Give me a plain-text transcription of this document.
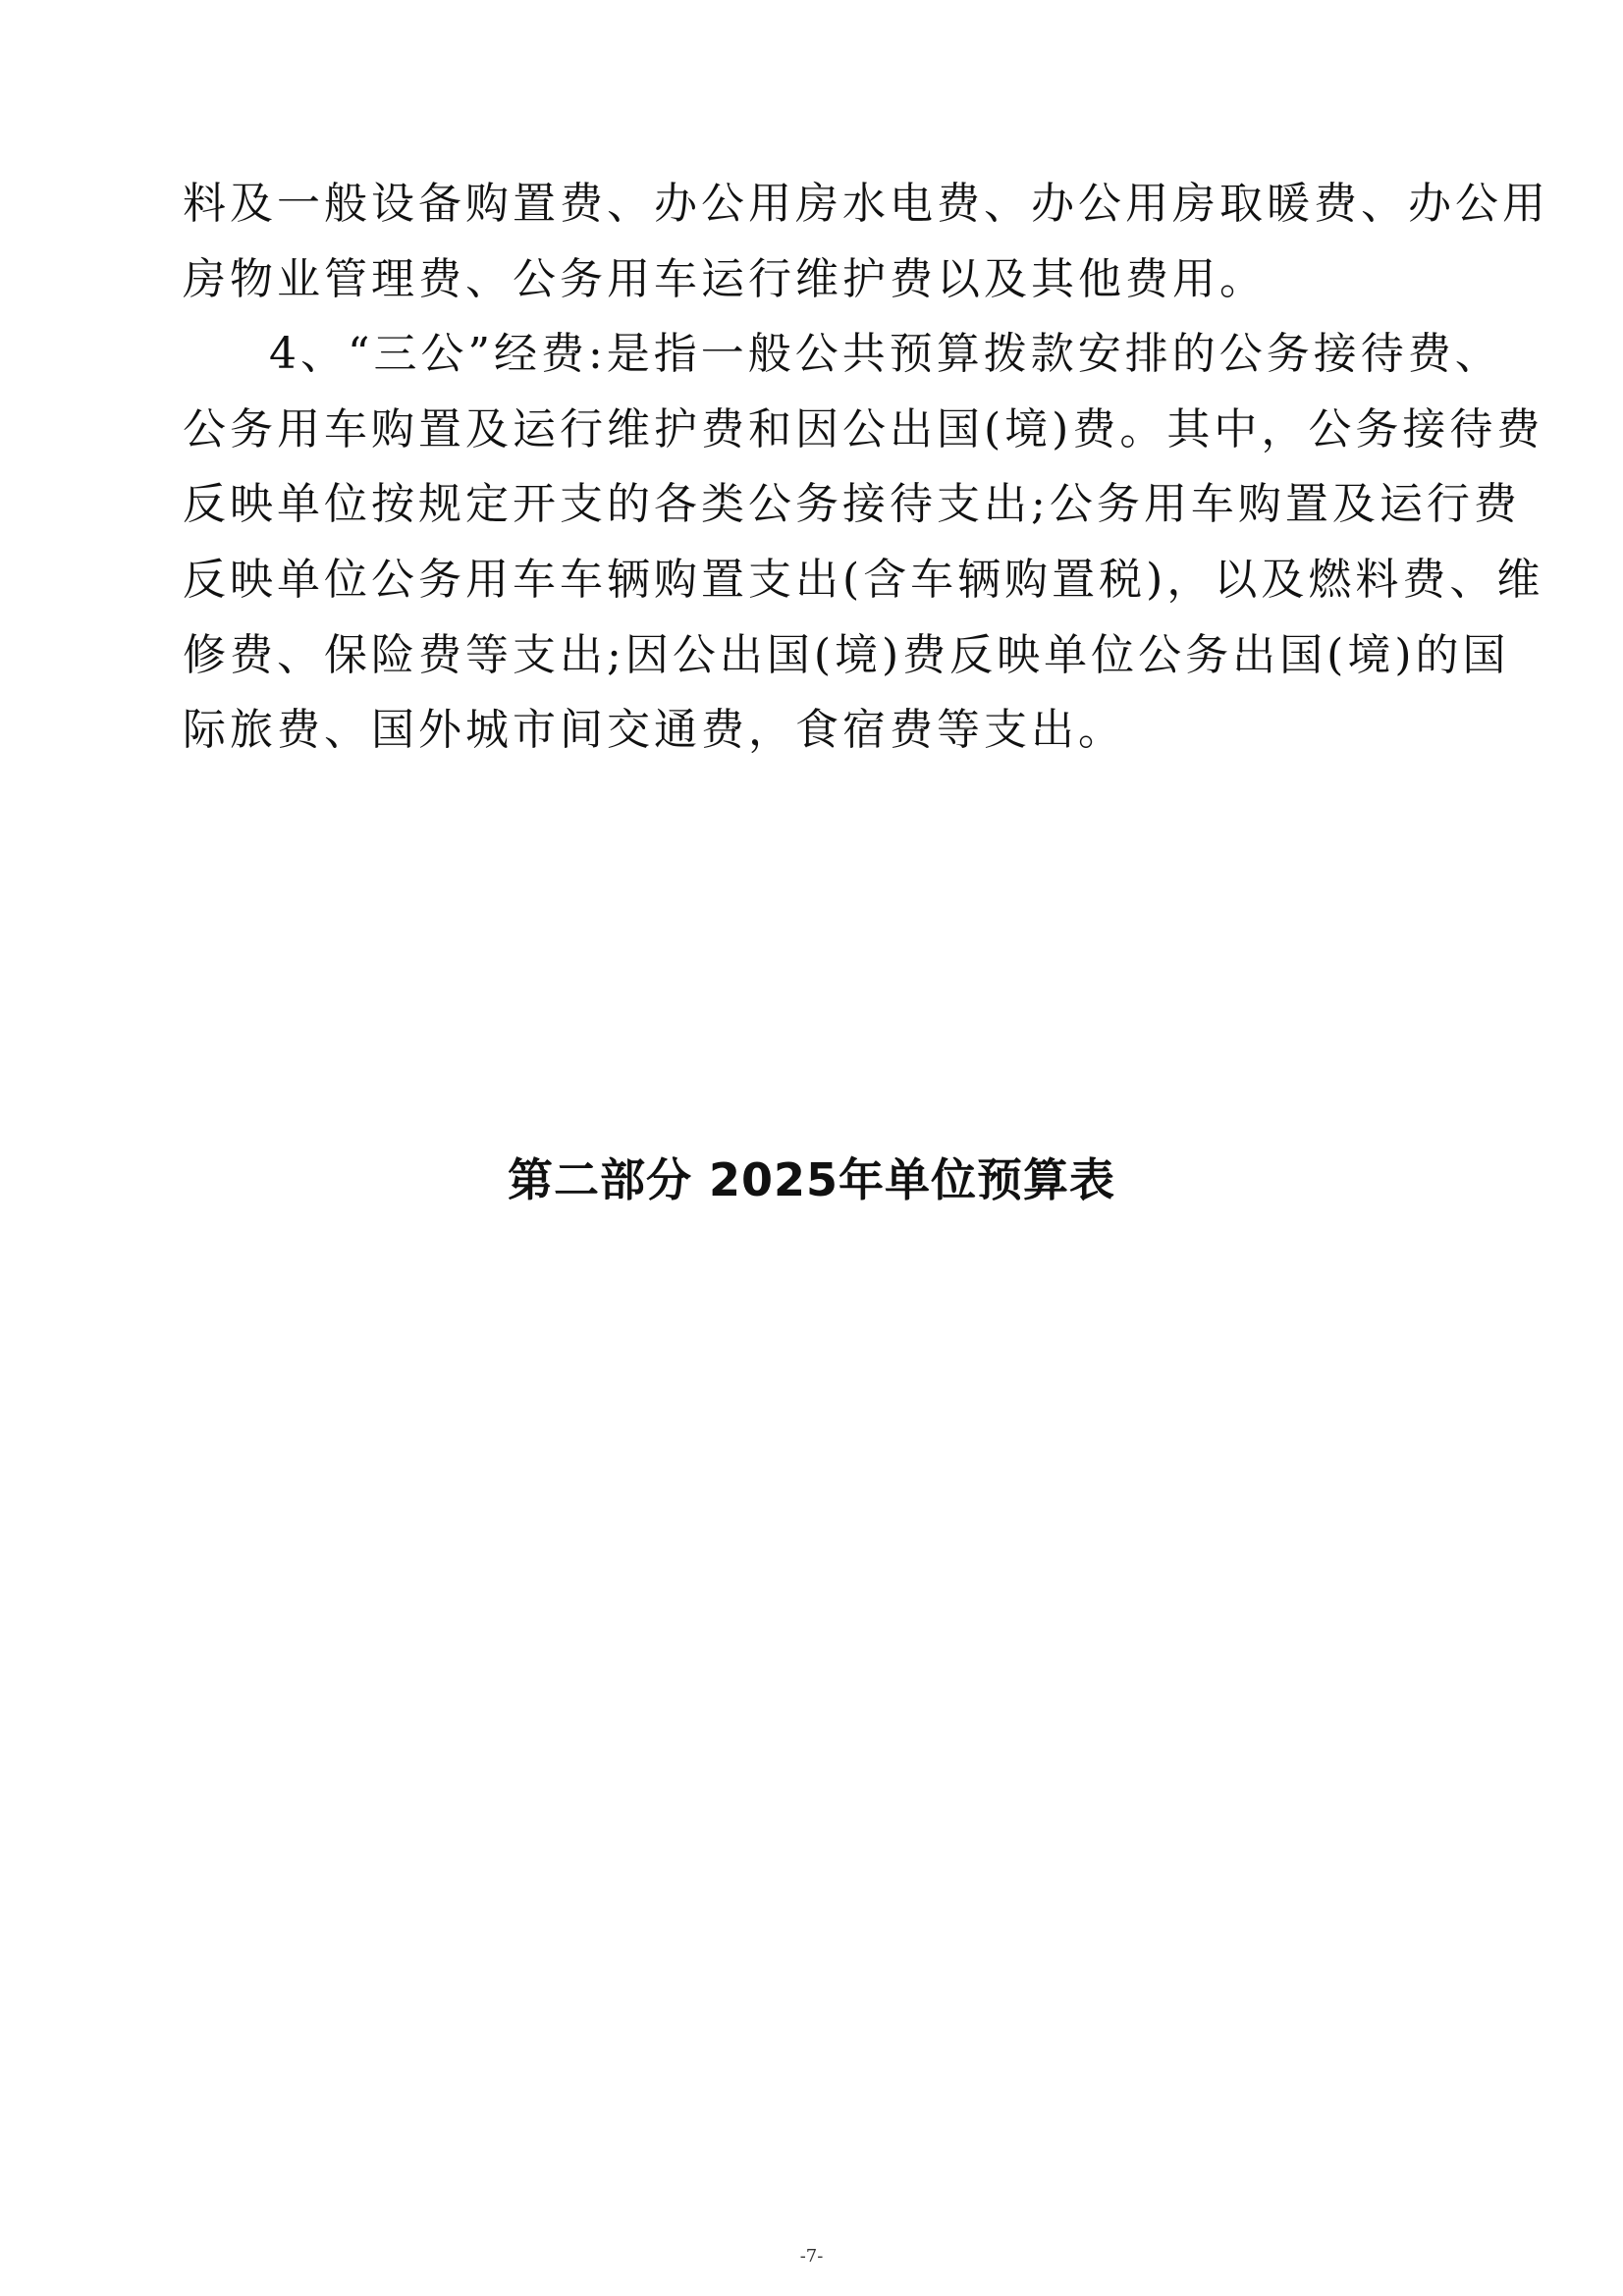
料及一般设备购置费、办公用房水电费、办公用房取暖费、办公用
房物业管理费、公务用车运行维护费以及其他费用。
4、“三公”经费:是指一般公共预算拨款安排的公务接待费、
公务用车购置及运行维护费和因公出国(境)费。其中，公务接待费
反映单位按规定开支的各类公务接待支出;公务用车购置及运行费
反映单位公务用车车辆购置支出(含车辆购置税)，以及燃料费、维
修费、保险费等支出;因公出国(境)费反映单位公务出国(境)的国
际旅费、国外城市间交通费，食宿费等支出。
第二部分 2025年单位预算表
-7-
